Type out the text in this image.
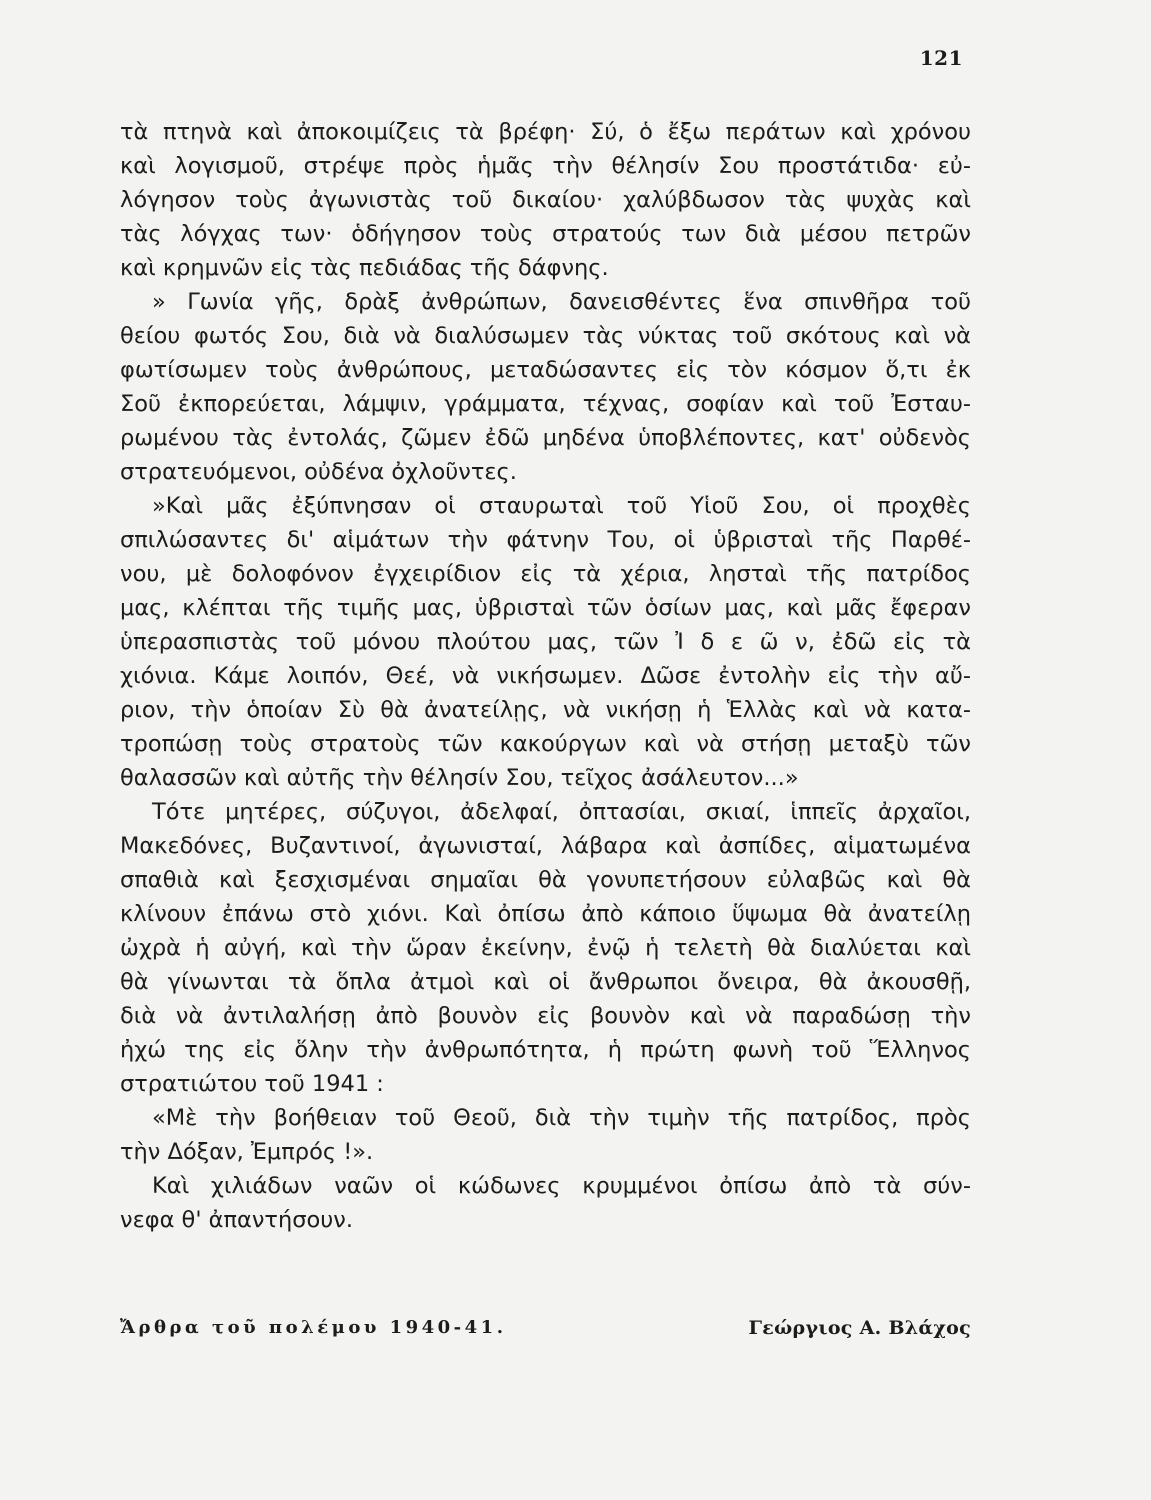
121
τὰ πτηνὰ καὶ ἀποκοιμίζεις τὰ βρέφη· Σύ, ὁ ἔξω περάτων καὶ χρόνου
καὶ λογισμοῦ, στρέψε πρὸς ἡμᾶς τὴν θέλησίν Σου προστάτιδα· εὐ-
λόγησον τοὺς ἀγωνιστὰς τοῦ δικαίου· χαλύβδωσον τὰς ψυχὰς καὶ
τὰς λόγχας των· ὁδήγησον τοὺς στρατούς των διὰ μέσου πετρῶν
καὶ κρημνῶν εἰς τὰς πεδιάδας τῆς δάφνης.
» Γωνία γῆς, δρὰξ ἀνθρώπων, δανεισθέντες ἕνα σπινθῆρα τοῦ
θείου φωτός Σου, διὰ νὰ διαλύσωμεν τὰς νύκτας τοῦ σκότους καὶ νὰ
φωτίσωμεν τοὺς ἀνθρώπους, μεταδώσαντες εἰς τὸν κόσμον ὅ,τι ἐκ
Σοῦ ἐκπορεύεται, λάμψιν, γράμματα, τέχνας, σοφίαν καὶ τοῦ Ἐσταυ-
ρωμένου τὰς ἐντολάς, ζῶμεν ἐδῶ μηδένα ὑποβλέποντες, κατ' οὐδενὸς
στρατευόμενοι, οὐδένα ὀχλοῦντες.
»Καὶ μᾶς ἐξύπνησαν οἱ σταυρωταὶ τοῦ Υἱοῦ Σου, οἱ προχθὲς
σπιλώσαντες δι' αἱμάτων τὴν φάτνην Του, οἱ ὑβρισταὶ τῆς Παρθέ-
νου, μὲ δολοφόνον ἐγχειρίδιον εἰς τὰ χέρια, λησταὶ τῆς πατρίδος
μας, κλέπται τῆς τιμῆς μας, ὑβρισταὶ τῶν ὁσίων μας, καὶ μᾶς ἔφεραν
ὑπερασπιστὰς τοῦ μόνου πλούτου μας, τῶν Ἰ δ ε ῶ ν, ἐδῶ εἰς τὰ
χιόνια. Κάμε λοιπόν, Θεέ, νὰ νικήσωμεν. Δῶσε ἐντολὴν εἰς τὴν αὔ-
ριον, τὴν ὁποίαν Σὺ θὰ ἀνατείλῃς, νὰ νικήσῃ ἡ Ἑλλὰς καὶ νὰ κατα-
τροπώσῃ τοὺς στρατοὺς τῶν κακούργων καὶ νὰ στήσῃ μεταξὺ τῶν
θαλασσῶν καὶ αὐτῆς τὴν θέλησίν Σου, τεῖχος ἀσάλευτον...»
Τότε μητέρες, σύζυγοι, ἀδελφαί, ὀπτασίαι, σκιαί, ἱππεῖς ἀρχαῖοι,
Μακεδόνες, Βυζαντινοί, ἀγωνισταί, λάβαρα καὶ ἀσπίδες, αἱματωμένα
σπαθιὰ καὶ ξεσχισμέναι σημαῖαι θὰ γονυπετήσουν εὐλαβῶς καὶ θὰ
κλίνουν ἐπάνω στὸ χιόνι. Καὶ ὀπίσω ἀπὸ κάποιο ὕψωμα θὰ ἀνατείλῃ
ὠχρὰ ἡ αὐγή, καὶ τὴν ὥραν ἐκείνην, ἐνῷ ἡ τελετὴ θὰ διαλύεται καὶ
θὰ γίνωνται τὰ ὅπλα ἀτμοὶ καὶ οἱ ἄνθρωποι ὄνειρα, θὰ ἀκουσθῇ,
διὰ νὰ ἀντιλαλήσῃ ἀπὸ βουνὸν εἰς βουνὸν καὶ νὰ παραδώσῃ τὴν
ἠχώ της εἰς ὅλην τὴν ἀνθρωπότητα, ἡ πρώτη φωνὴ τοῦ Ἕλληνος
στρατιώτου τοῦ 1941 :
«Μὲ τὴν βοήθειαν τοῦ Θεοῦ, διὰ τὴν τιμὴν τῆς πατρίδος, πρὸς
τὴν Δόξαν, Ἐμπρός !».
Καὶ χιλιάδων ναῶν οἱ κώδωνες κρυμμένοι ὀπίσω ἀπὸ τὰ σύν-
νεφα θ' ἀπαντήσουν.
Ἄρθρα τοῦ πολέμου 1940-41.	Γεώργιος Α. Βλάχος
